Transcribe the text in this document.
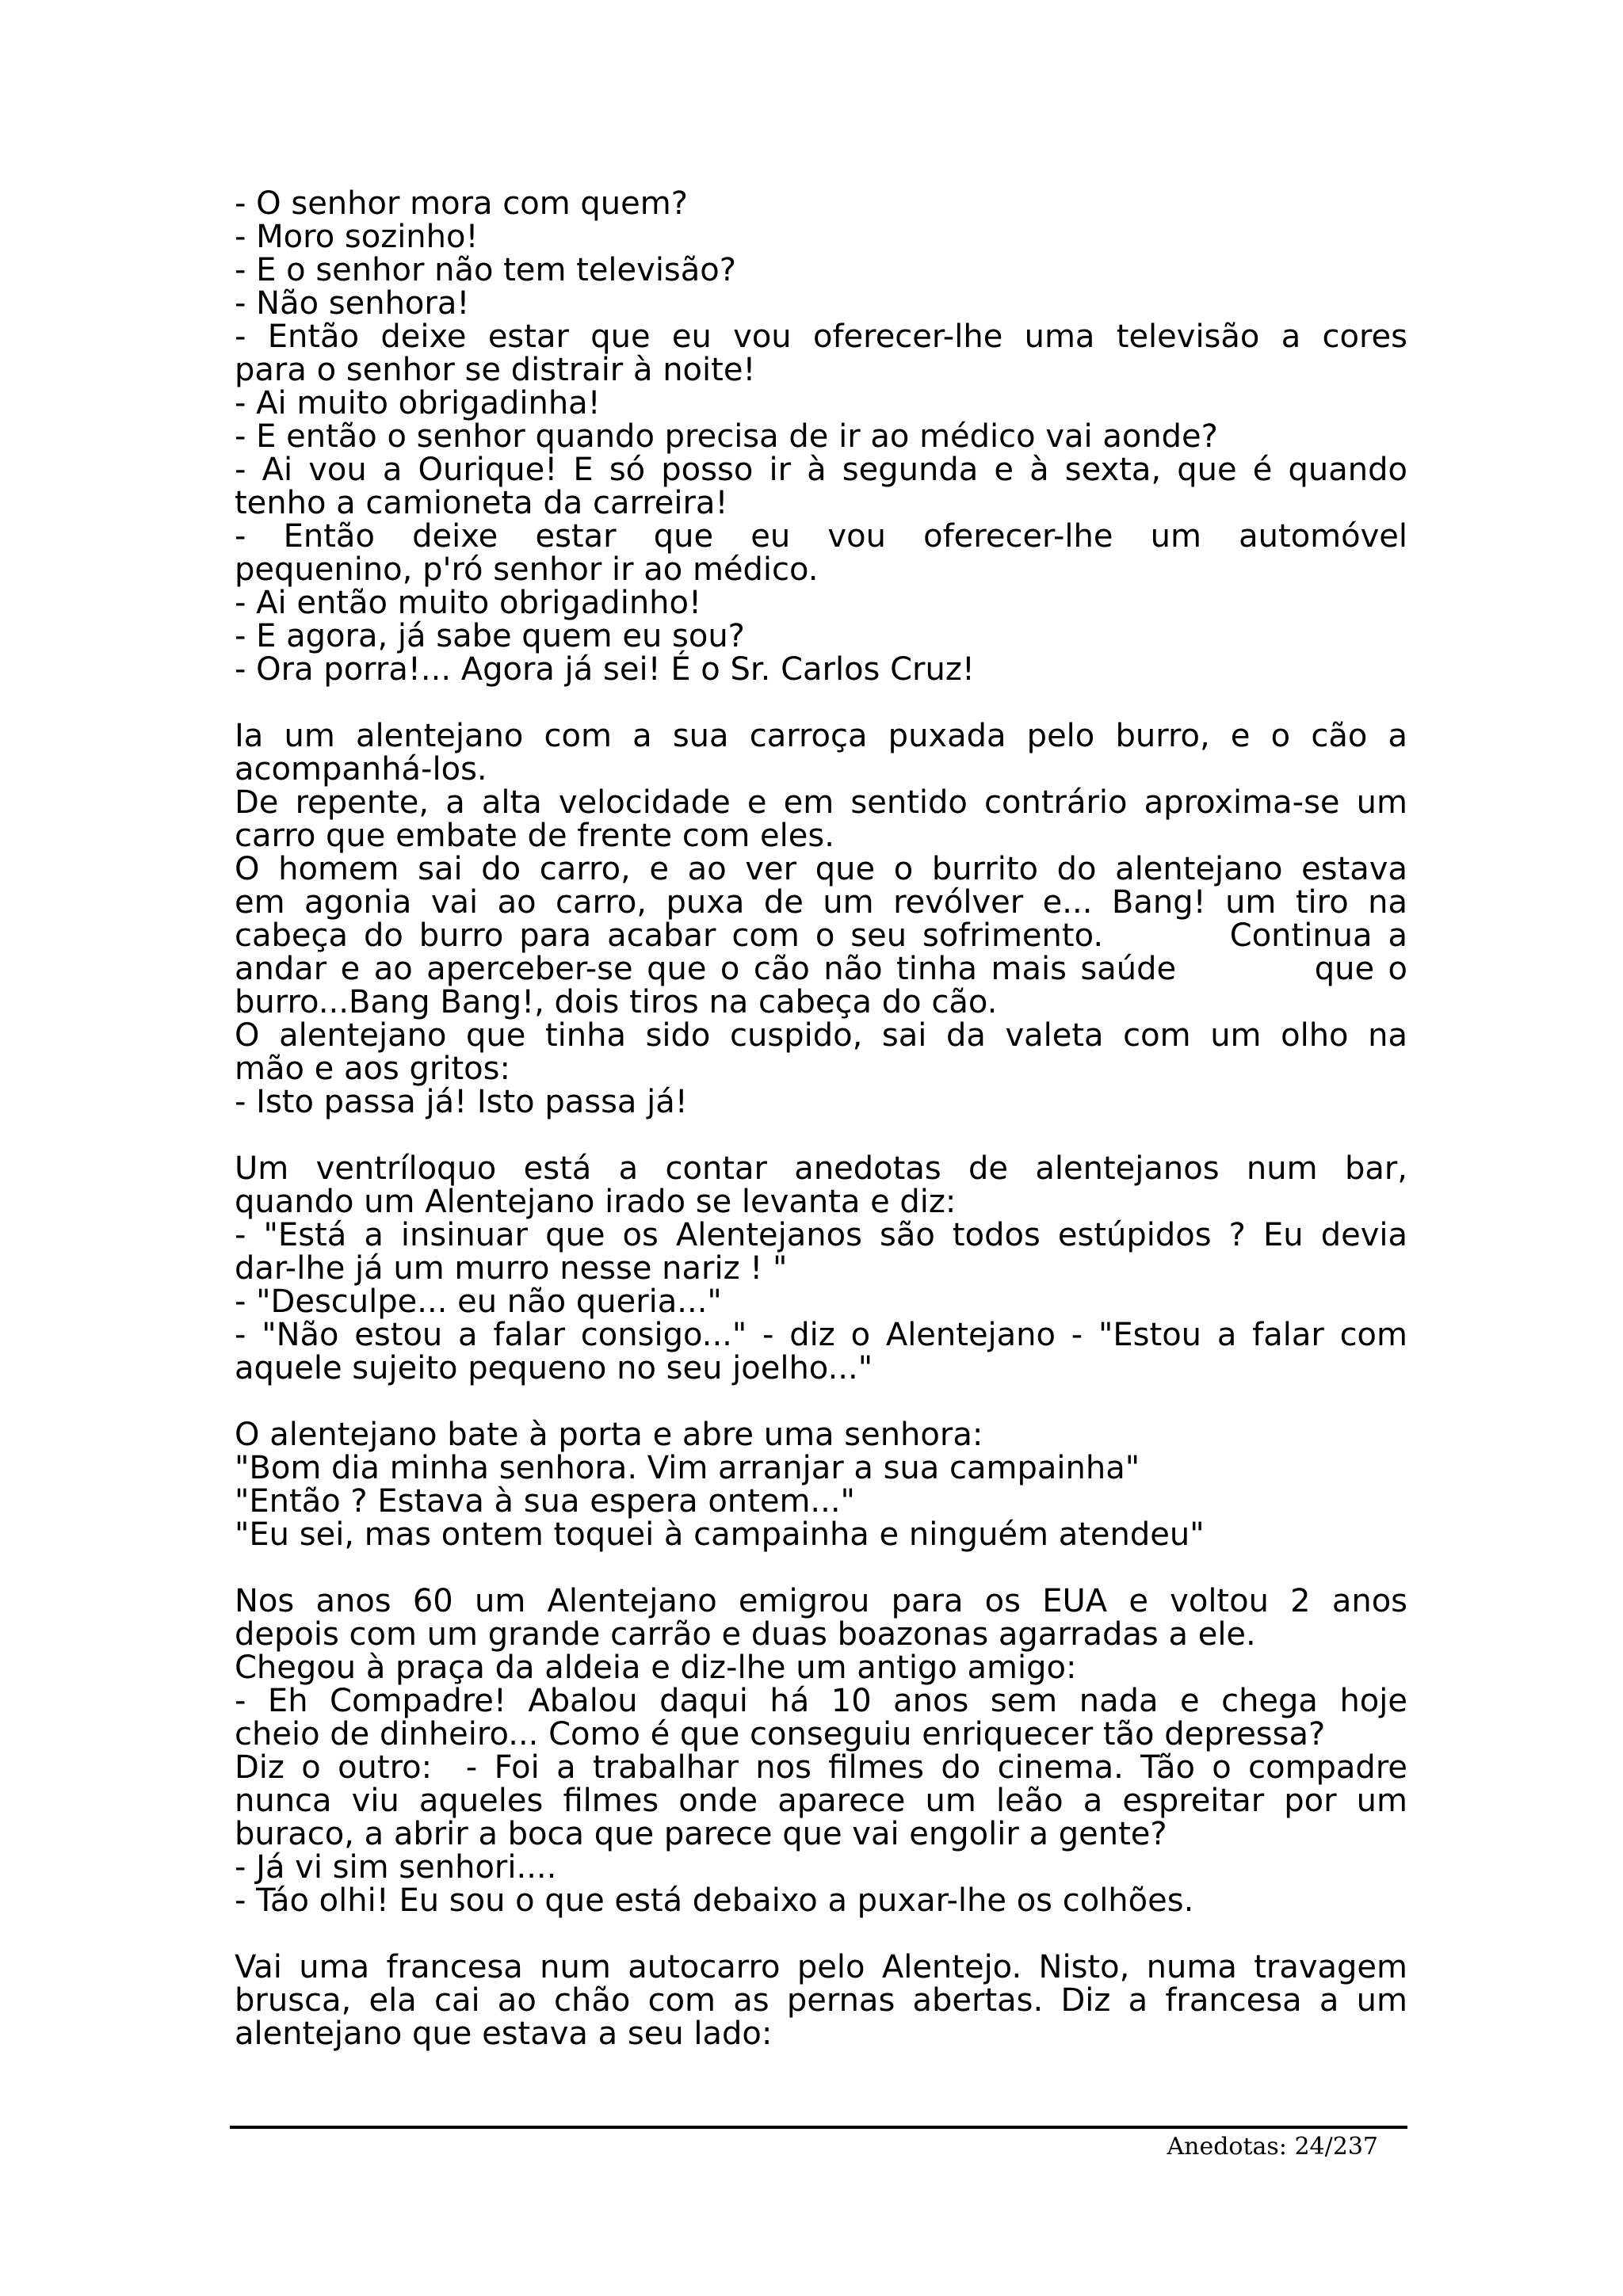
- O senhor mora com quem?
- Moro sozinho!
- E o senhor não tem televisão?
- Não senhora!
- Então deixe estar que eu vou oferecer-lhe uma televisão a cores
para o senhor se distrair à noite!
- Ai muito obrigadinha!
- E então o senhor quando precisa de ir ao médico vai aonde?
- Ai vou a Ourique! E só posso ir à segunda e à sexta, que é quando
tenho a camioneta da carreira!
- Então deixe estar que eu vou oferecer-lhe um automóvel
pequenino, p'ró senhor ir ao médico.
- Ai então muito obrigadinho!
- E agora, já sabe quem eu sou?
- Ora porra!... Agora já sei! É o Sr. Carlos Cruz!
Ia um alentejano com a sua carroça puxada pelo burro, e o cão a
acompanhá-los.
De repente, a alta velocidade e em sentido contrário aproxima-se um
carro que embate de frente com eles.
O homem sai do carro, e ao ver que o burrito do alentejano estava
em agonia vai ao carro, puxa de um revólver e... Bang! um tiro na
cabeça do burro para acabar com o seu sofrimento.        Continua a
andar e ao aperceber-se que o cão não tinha mais saúde          que o
burro...Bang Bang!, dois tiros na cabeça do cão.
O alentejano que tinha sido cuspido, sai da valeta com um olho na
mão e aos gritos:
- Isto passa já! Isto passa já!
Um ventríloquo está a contar anedotas de alentejanos num bar,
quando um Alentejano irado se levanta e diz:
- "Está a insinuar que os Alentejanos são todos estúpidos ? Eu devia
dar-lhe já um murro nesse nariz ! "
- "Desculpe... eu não queria..."
- "Não estou a falar consigo..." - diz o Alentejano - "Estou a falar com
aquele sujeito pequeno no seu joelho..."
O alentejano bate à porta e abre uma senhora:
"Bom dia minha senhora. Vim arranjar a sua campainha"
"Então ? Estava à sua espera ontem..."
"Eu sei, mas ontem toquei à campainha e ninguém atendeu"
Nos anos 60 um Alentejano emigrou para os EUA e voltou 2 anos
depois com um grande carrão e duas boazonas agarradas a ele.
Chegou à praça da aldeia e diz-lhe um antigo amigo:
- Eh Compadre! Abalou daqui há 10 anos sem nada e chega hoje
cheio de dinheiro... Como é que conseguiu enriquecer tão depressa?
Diz o outro:  - Foi a trabalhar nos filmes do cinema. Tão o compadre
nunca viu aqueles filmes onde aparece um leão a espreitar por um
buraco, a abrir a boca que parece que vai engolir a gente?
- Já vi sim senhori....
- Táo olhi! Eu sou o que está debaixo a puxar-lhe os colhões.
Vai uma francesa num autocarro pelo Alentejo. Nisto, numa travagem
brusca, ela cai ao chão com as pernas abertas. Diz a francesa a um
alentejano que estava a seu lado:
Anedotas: 24/237
